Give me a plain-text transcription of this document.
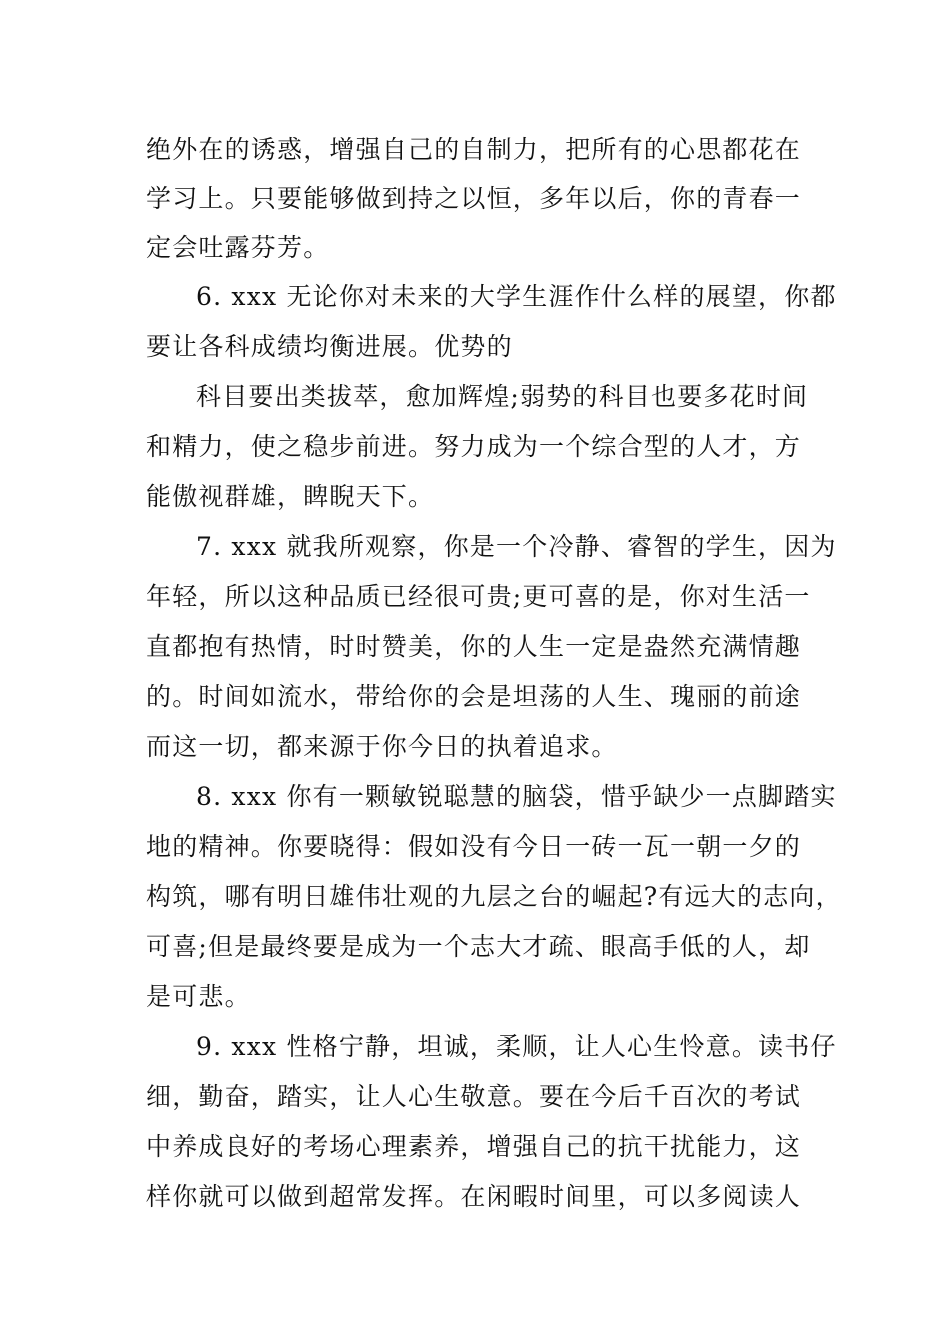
绝外在的诱惑，增强自己的自制力，把所有的心思都花在
学习上。只要能够做到持之以恒，多年以后，你的青春一
定会吐露芬芳。
6. xxx 无论你对未来的大学生涯作什么样的展望，你都
要让各科成绩均衡进展。优势的
科目要出类拔萃，愈加辉煌;弱势的科目也要多花时间
和精力，使之稳步前进。努力成为一个综合型的人才，方
能傲视群雄，睥睨天下。
7. xxx 就我所观察，你是一个冷静、睿智的学生，因为
年轻，所以这种品质已经很可贵;更可喜的是，你对生活一
直都抱有热情，时时赞美，你的人生一定是盎然充满情趣
的。时间如流水，带给你的会是坦荡的人生、瑰丽的前途
而这一切，都来源于你今日的执着追求。
8. xxx 你有一颗敏锐聪慧的脑袋，惜乎缺少一点脚踏实
地的精神。你要晓得：假如没有今日一砖一瓦一朝一夕的
构筑，哪有明日雄伟壮观的九层之台的崛起?有远大的志向，
可喜;但是最终要是成为一个志大才疏、眼高手低的人，却
是可悲。
9. xxx 性格宁静，坦诚，柔顺，让人心生怜意。读书仔
细，勤奋，踏实，让人心生敬意。要在今后千百次的考试
中养成良好的考场心理素养，增强自己的抗干扰能力，这
样你就可以做到超常发挥。在闲暇时间里，可以多阅读人
